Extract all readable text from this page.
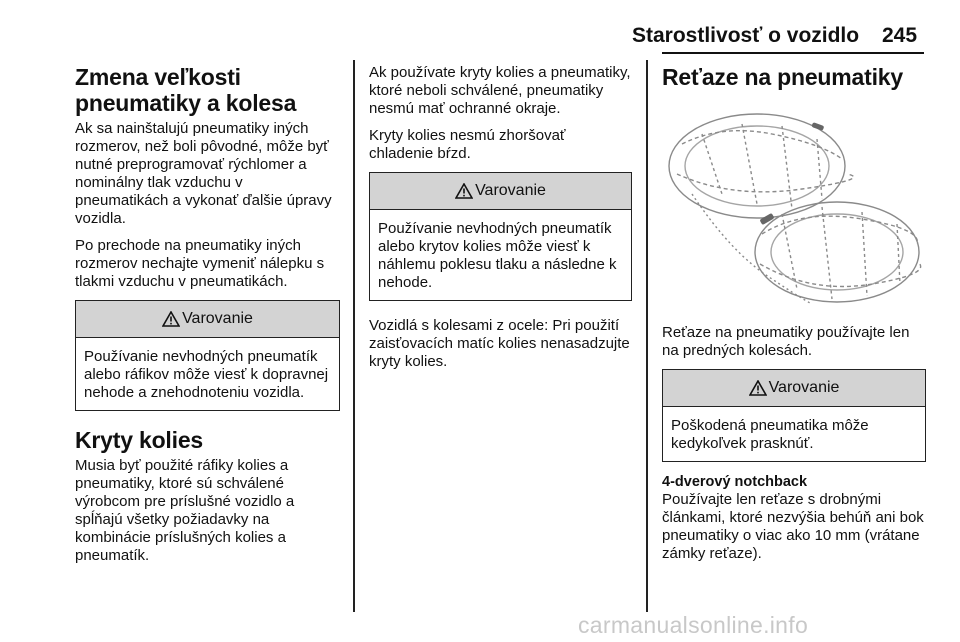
Starostlivosť o vozidlo 245
Zmena veľkosti pneumatiky a kolesa

Ak sa nainštalujú pneumatiky iných rozmerov, než boli pôvodné, môže byť nutné preprogramovať rýchlomer a nominálny tlak vzduchu v pneumatikách a vykonať ďalšie úpravy vozidla.

Po prechode na pneumatiky iných rozmerov nechajte vymeniť nálepku s tlakmi vzduchu v pneumatikách.

Varovanie
Používanie nevhodných pneumatík alebo ráfikov môže viesť k dopravnej nehode a znehodnoteniu vozidla.
Kryty kolies

Musia byť použité ráfiky kolies a pneumatiky, ktoré sú schválené výrobcom pre príslušné vozidlo a spĺňajú všetky požiadavky na kombinácie príslušných kolies a pneumatík.

Ak používate kryty kolies a pneumatiky, ktoré neboli schválené, pneumatiky nesmú mať ochranné okraje.

Kryty kolies nesmú zhoršovať chladenie bŕzd.

Varovanie
Používanie nevhodných pneumatík alebo krytov kolies môže viesť k náhlemu poklesu tlaku a následne k nehode.

Vozidlá s kolesami z ocele: Pri použití zaisťovacích matíc kolies nenasadzujte kryty kolies.

Reťaze na pneumatiky

Reťaze na pneumatiky používajte len na predných kolesách.

Varovanie
Poškodená pneumatika môže kedykoľvek prasknúť.

4-dverový notchback

Používajte len reťaze s drobnými článkami, ktoré nezvýšia behúň ani bok pneumatiky o viac ako 10 mm (vrátane zámky reťaze).

carmanualsonline.info
